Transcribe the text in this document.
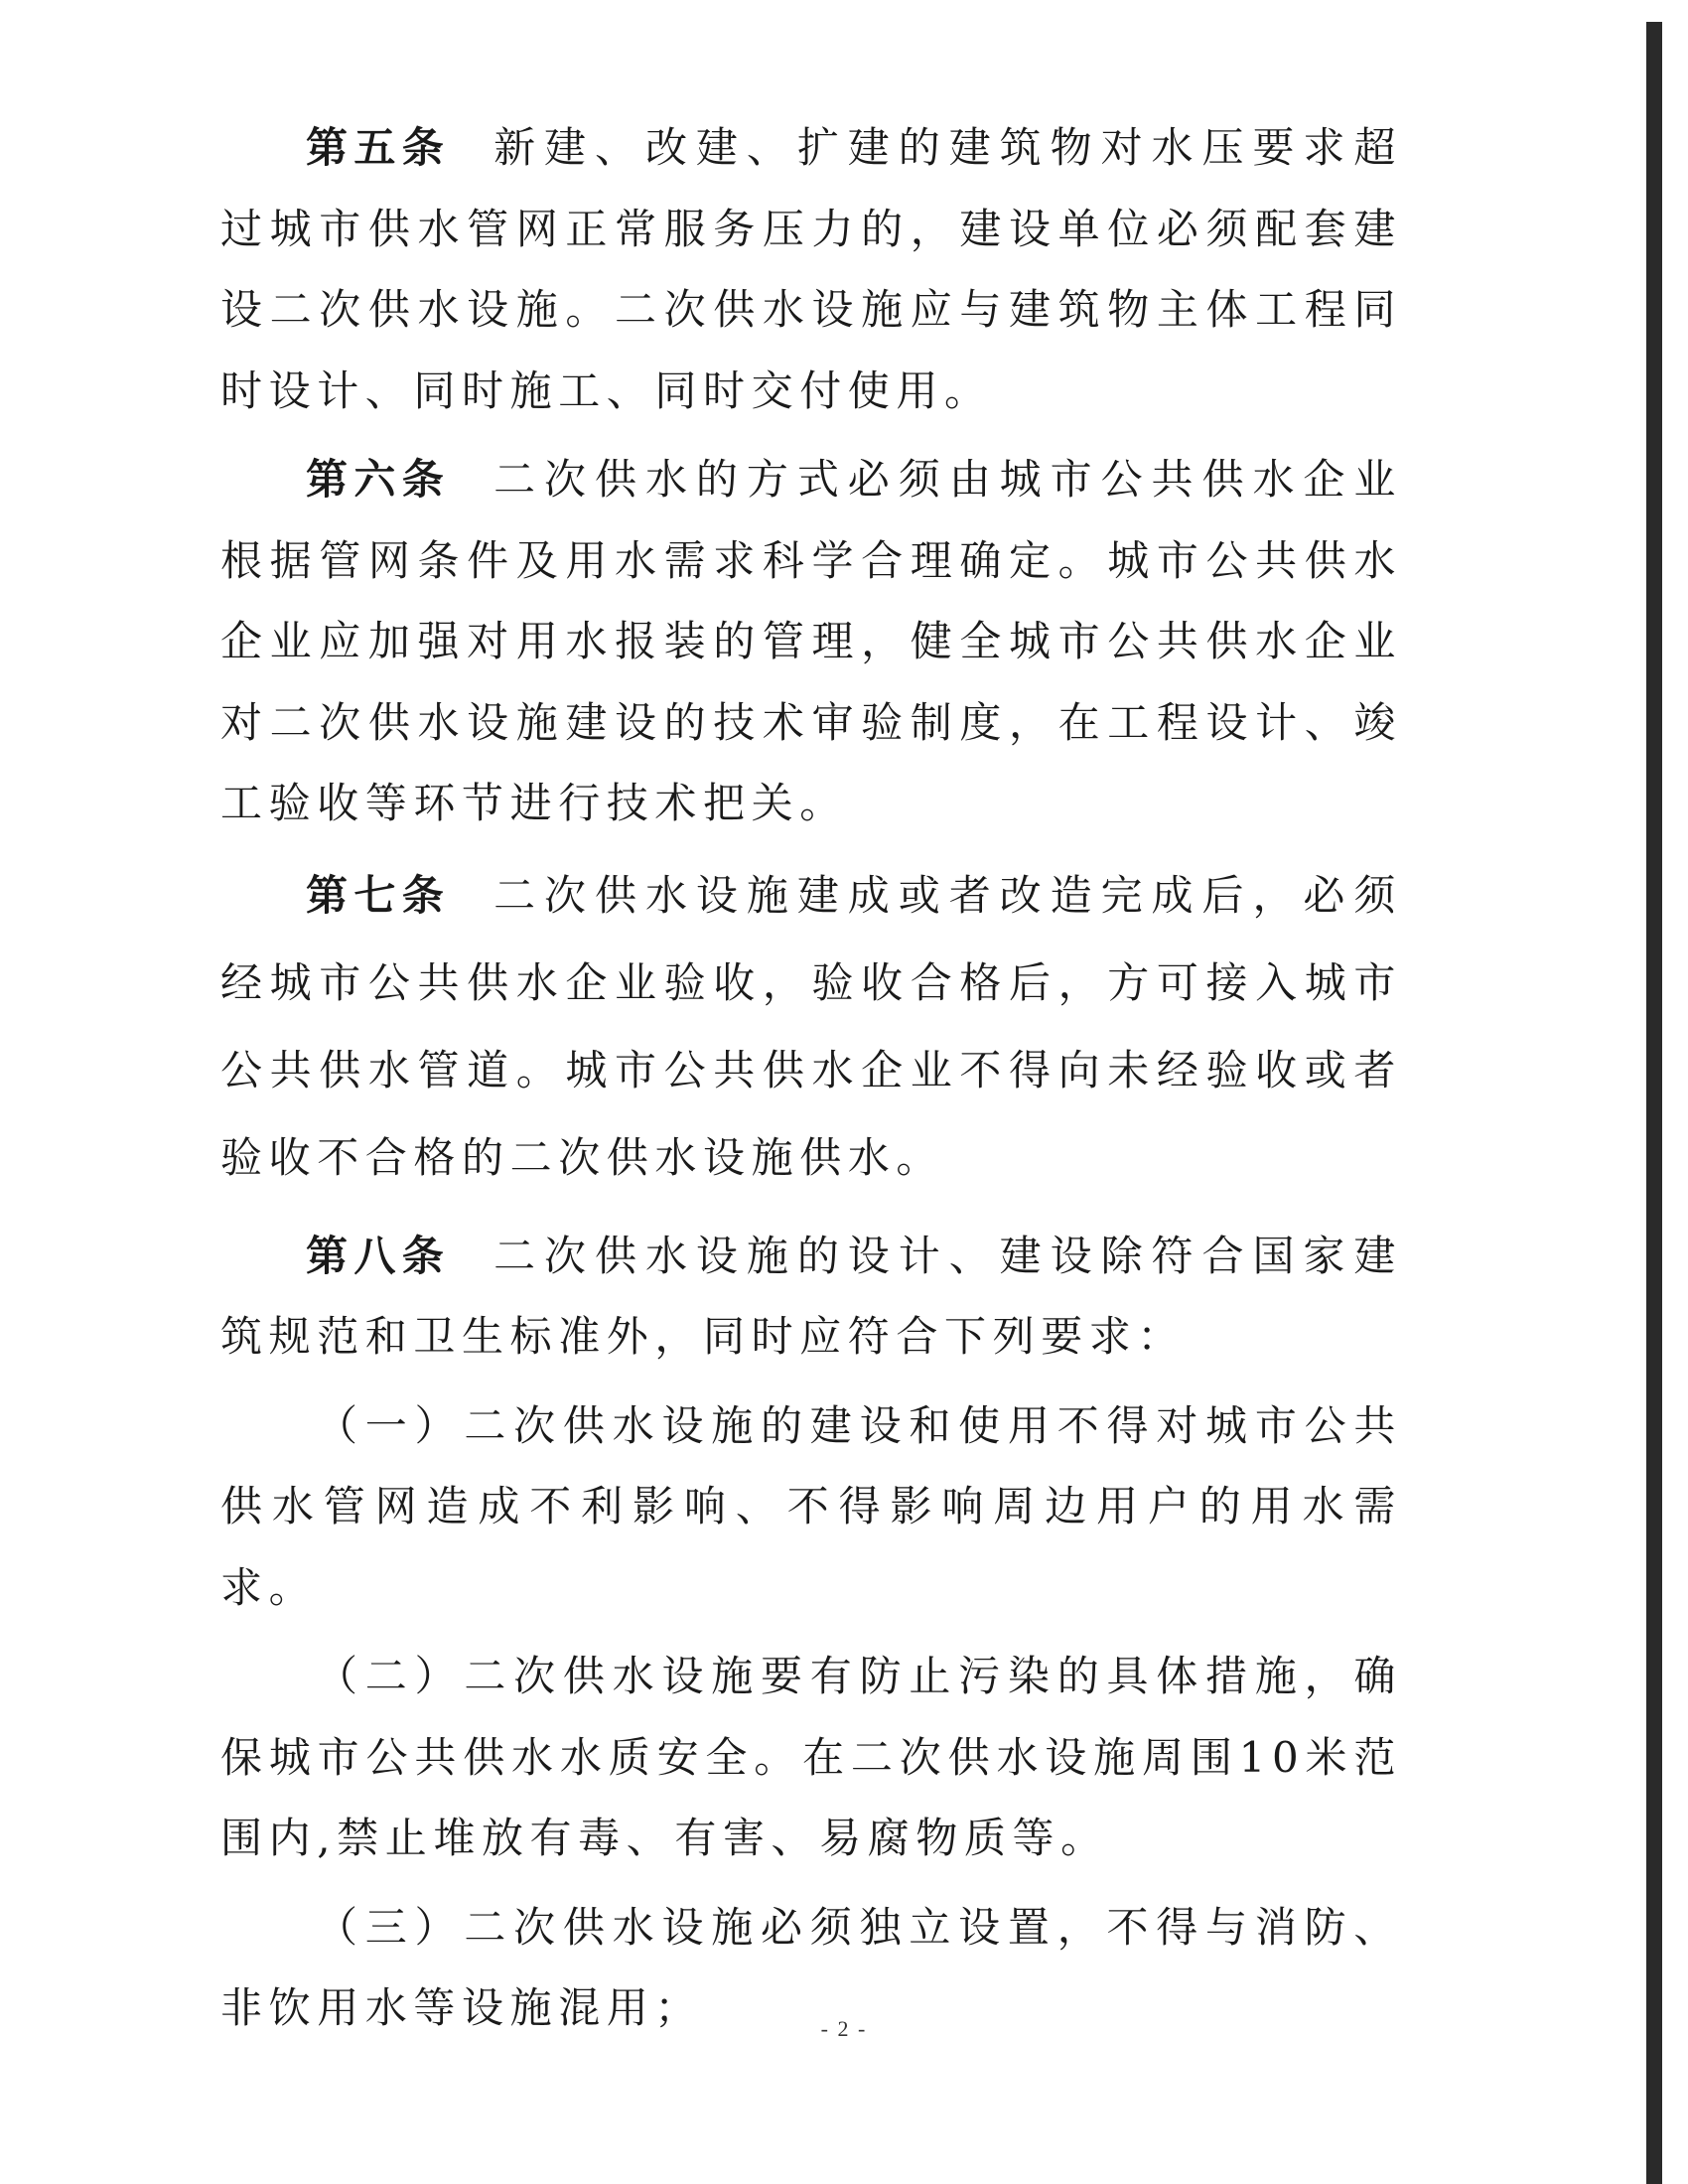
第五条 新建、改建、扩建的建筑物对水压要求超过城市供水管网正常服务压力的，建设单位必须配套建设二次供水设施。二次供水设施应与建筑物主体工程同时设计、同时施工、同时交付使用。

第六条 二次供水的方式必须由城市公共供水企业根据管网条件及用水需求科学合理确定。城市公共供水企业应加强对用水报装的管理，健全城市公共供水企业对二次供水设施建设的技术审验制度，在工程设计、竣工验收等环节进行技术把关。

第七条 二次供水设施建成或者改造完成后，必须经城市公共供水企业验收，验收合格后，方可接入城市公共供水管道。城市公共供水企业不得向未经验收或者验收不合格的二次供水设施供水。

第八条 二次供水设施的设计、建设除符合国家建筑规范和卫生标准外，同时应符合下列要求：

（一）二次供水设施的建设和使用不得对城市公共供水管网造成不利影响、不得影响周边用户的用水需求。

（二）二次供水设施要有防止污染的具体措施，确保城市公共供水水质安全。在二次供水设施周围10米范围内,禁止堆放有毒、有害、易腐物质等。

（三）二次供水设施必须独立设置，不得与消防、非饮用水等设施混用；	- 2 -
